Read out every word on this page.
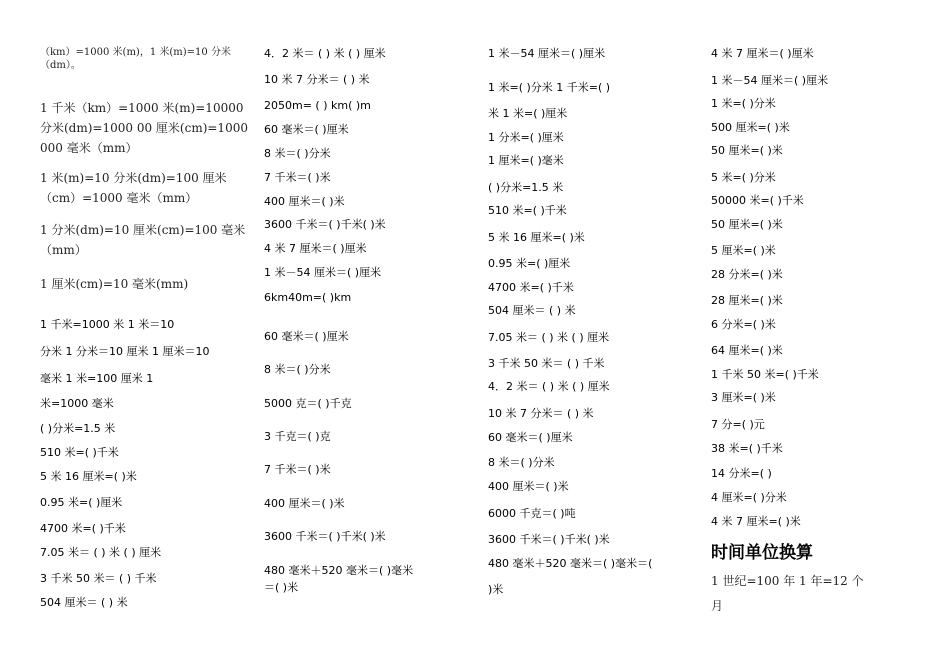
（km）=1000 米(m)，1 米(m)=10 分米（dm）。
1 千米（km）=1000 米(m)=10000 分米(dm)=1000 00 厘米(cm)=1000 000 毫米（mm）
1 米(m)=10 分米(dm)=100 厘米（cm）=1000 毫米（mm）
1 分米(dm)=10 厘米(cm)=100 毫米（mm）
1 厘米(cm)=10 毫米(mm)
1 千米=1000 米 1 米＝10
分米 1 分米＝10 厘米 1 厘米＝10
毫米 1 米=100 厘米 1
米=1000 毫米
( )分米=1.5 米
510 米=( )千米
5 米 16 厘米=( )米
0.95 米=( )厘米
4700 米=( )千米
7.05 米＝ ( ) 米 ( ) 厘米
3 千米 50 米＝ ( ) 千米
504 厘米＝ ( ) 米
4．2 米＝ ( ) 米 ( ) 厘米
10 米 7 分米＝ ( ) 米
2050m= ( ) km( )m
60 毫米＝( )厘米
8 米＝( )分米
7 千米＝( )米
400 厘米＝( )米
3600 千米＝( )千米( )米
4 米 7 厘米＝( )厘米
1 米－54 厘米＝( )厘米
6km40m=( )km
60 毫米＝( )厘米
8 米＝( )分米
5000 克＝( )千克
3 千克＝( )克
7 千米＝( )米
400 厘米＝( )米
3600 千米＝( )千米( )米
480 毫米＋520 毫米＝( )毫米
＝( )米
1 米－54 厘米＝( )厘米
1 米=( )分米 1 千米=( )
米 1 米=( )厘米
1 分米=( )厘米
1 厘米=( )毫米
( )分米=1.5 米
510 米=( )千米
5 米 16 厘米=( )米
0.95 米=( )厘米
4700 米=( )千米
504 厘米＝ ( ) 米
7.05 米＝ ( ) 米 ( ) 厘米
3 千米 50 米＝ ( ) 千米
4．2 米＝ ( ) 米 ( ) 厘米
10 米 7 分米＝ ( ) 米
60 毫米＝( )厘米
8 米＝( )分米
400 厘米＝( )米
6000 千克＝( )吨
3600 千米＝( )千米( )米
480 毫米＋520 毫米＝( )毫米＝(
)米
4 米 7 厘米＝( )厘米
1 米－54 厘米＝( )厘米
1 米=( )分米
500 厘米=( )米
50 厘米=( )米
5 米=( )分米
50000 米=( )千米
50 厘米=( )米
5 厘米=( )米
28 分米=( )米
28 厘米=( )米
6 分米=( )米
64 厘米=( )米
1 千米 50 米=( )千米
3 厘米=( )米
7 分=( )元
38 米=( )千米
14 分米=( )
4 厘米=( )分米
4 米 7 厘米=( )米
时间单位换算
1 世纪=100 年 1 年=12 个
月
